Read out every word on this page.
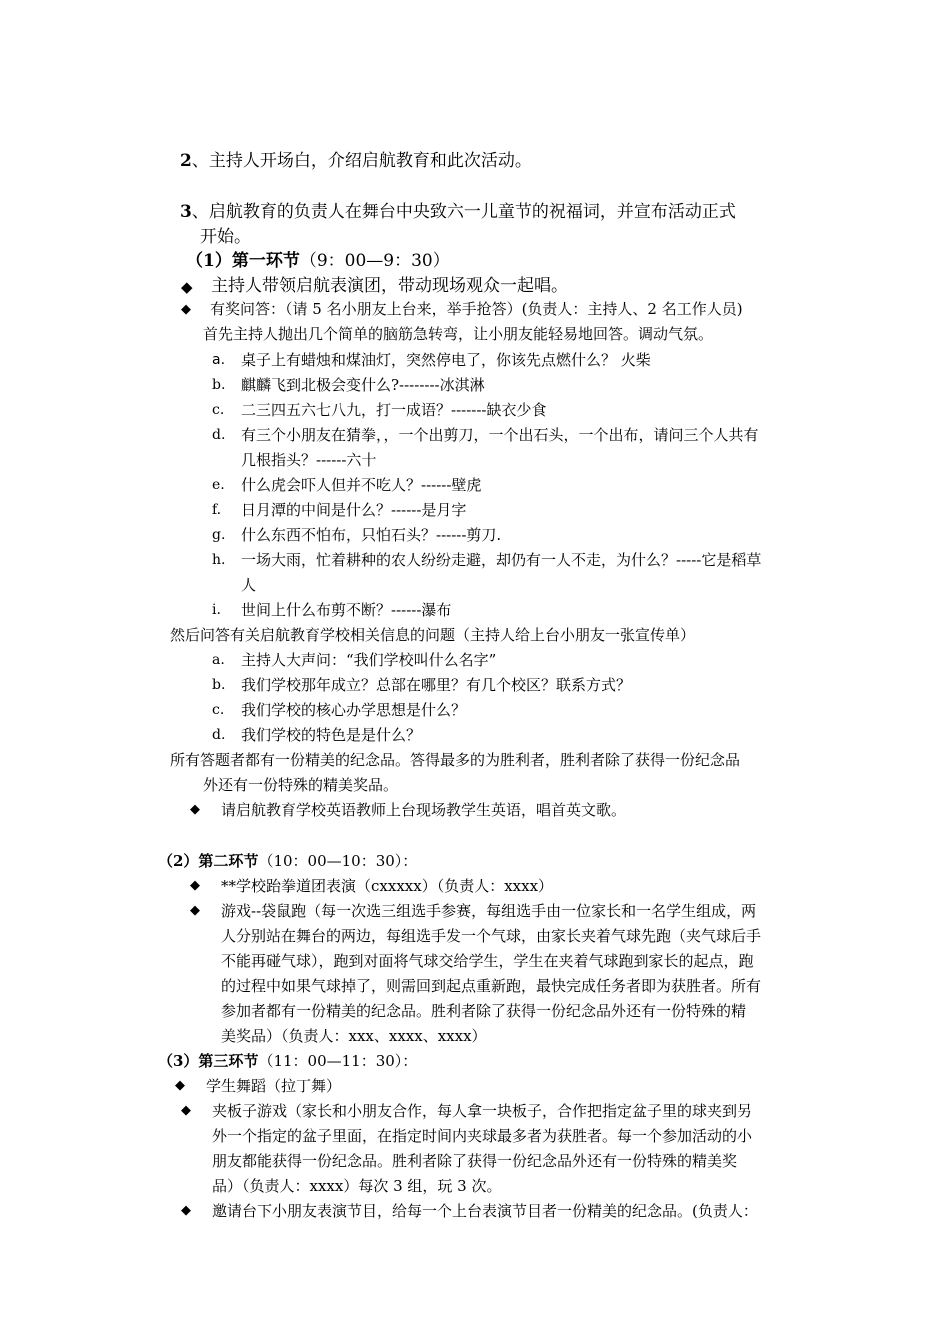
2、主持人开场白，介绍启航教育和此次活动。
3、启航教育的负责人在舞台中央致六一儿童节的祝福词，并宣布活动正式
开始。
（1）第一环节（9：00—9：30）
◆ 主持人带领启航表演团，带动现场观众一起唱。
◆ 有奖问答：（请 5 名小朋友上台来，举手抢答）(负责人：主持人、2 名工作人员)
首先主持人抛出几个简单的脑筋急转弯，让小朋友能轻易地回答。调动气氛。
a. 桌子上有蜡烛和煤油灯，突然停电了，你该先点燃什么？ 火柴
b. 麒麟飞到北极会变什么?--------冰淇淋
c. 二三四五六七八九，打一成语？-------缺衣少食
d. 有三个小朋友在猜拳，，一个出剪刀，一个出石头，一个出布，请问三个人共有
几根指头？------六十
e. 什么虎会吓人但并不吃人？------壁虎
f. 日月潭的中间是什么？------是月字
g. 什么东西不怕布，只怕石头？------剪刀.
h. 一场大雨，忙着耕种的农人纷纷走避，却仍有一人不走，为什么？-----它是稻草
人
i. 世间上什么布剪不断？------瀑布
然后问答有关启航教育学校相关信息的问题（主持人给上台小朋友一张宣传单）
a. 主持人大声问：“我们学校叫什么名字”
b. 我们学校那年成立？总部在哪里？有几个校区？联系方式？
c. 我们学校的核心办学思想是什么？
d. 我们学校的特色是是什么？
所有答题者都有一份精美的纪念品。答得最多的为胜利者，胜利者除了获得一份纪念品
外还有一份特殊的精美奖品。
◆ 请启航教育学校英语教师上台现场教学生英语，唱首英文歌。
（2）第二环节（10：00—10：30）：
◆ **学校跆拳道团表演（cxxxxx）（负责人：xxxx）
◆ 游戏--袋鼠跑（每一次选三组选手参赛，每组选手由一位家长和一名学生组成，两
人分别站在舞台的两边，每组选手发一个气球，由家长夹着气球先跑（夹气球后手
不能再碰气球），跑到对面将气球交给学生，学生在夹着气球跑到家长的起点，跑
的过程中如果气球掉了，则需回到起点重新跑，最快完成任务者即为获胜者。所有
参加者都有一份精美的纪念品。胜利者除了获得一份纪念品外还有一份特殊的精
美奖品）（负责人：xxx、xxxx、xxxx）
（3）第三环节（11：00—11：30）：
◆ 学生舞蹈（拉丁舞）
◆ 夹板子游戏（家长和小朋友合作，每人拿一块板子，合作把指定盆子里的球夹到另
外一个指定的盆子里面，在指定时间内夹球最多者为获胜者。每一个参加活动的小
朋友都能获得一份纪念品。胜利者除了获得一份纪念品外还有一份特殊的精美奖
品）（负责人：xxxx）每次 3 组，玩 3 次。
◆ 邀请台下小朋友表演节目，给每一个上台表演节目者一份精美的纪念品。(负责人：
